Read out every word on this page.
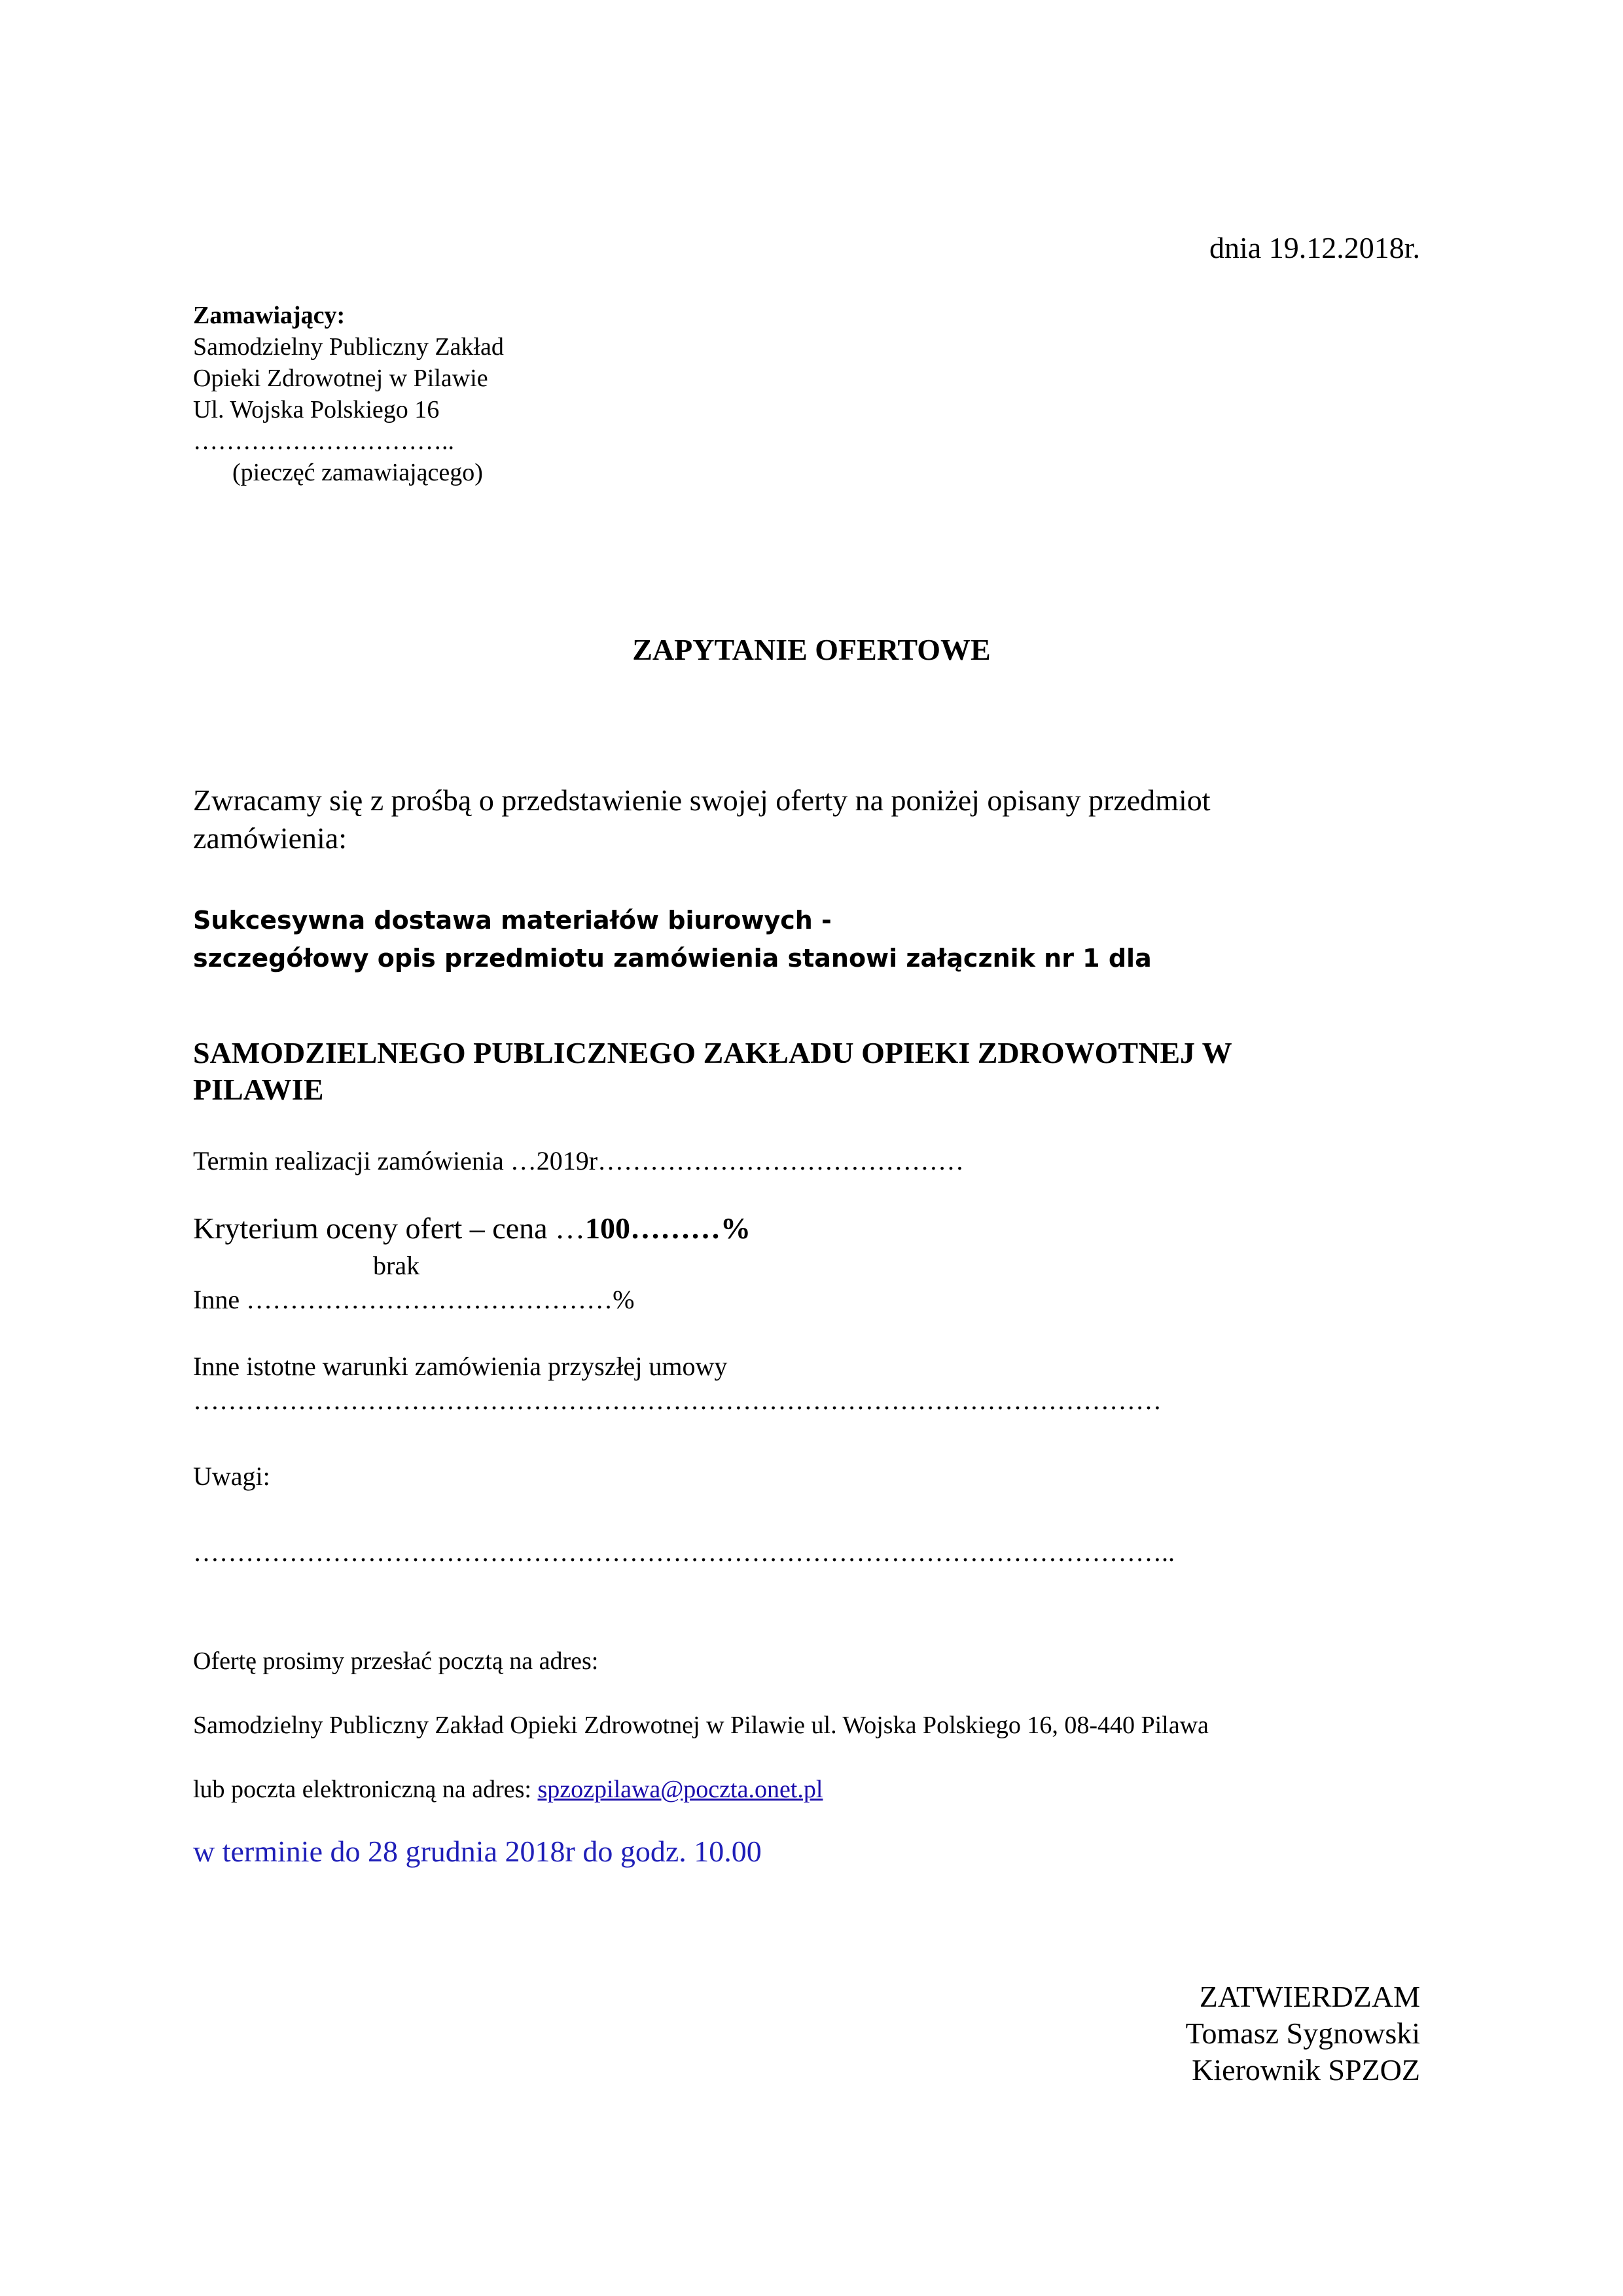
dnia 19.12.2018r.
Zamawiający:
Samodzielny Publiczny Zakład
Opieki Zdrowotnej w Pilawie
Ul. Wojska Polskiego 16
…………………………..
(pieczęć zamawiającego)
ZAPYTANIE OFERTOWE
Zwracamy się z prośbą o przedstawienie swojej oferty na poniżej opisany przedmiot
zamówienia:
Sukcesywna dostawa materiałów biurowych -
szczegółowy opis przedmiotu zamówienia stanowi załącznik nr 1 dla
SAMODZIELNEGO PUBLICZNEGO ZAKŁADU OPIEKI ZDROWOTNEJ W
PILAWIE
Termin realizacji zamówienia …2019r……………………………………
Kryterium oceny ofert – cena …100………%
brak
Inne ……………………………………%
Inne istotne warunki zamówienia przyszłej umowy
…………………………………………………………………………………………………
Uwagi:
…………………………………………………………………………………………………..
Ofertę prosimy przesłać pocztą na adres:
Samodzielny Publiczny Zakład Opieki Zdrowotnej w Pilawie ul. Wojska Polskiego 16, 08-440 Pilawa
lub poczta elektroniczną na adres: spzozpilawa@poczta.onet.pl
w terminie do 28 grudnia 2018r do godz. 10.00
ZATWIERDZAM
Tomasz Sygnowski
Kierownik SPZOZ
